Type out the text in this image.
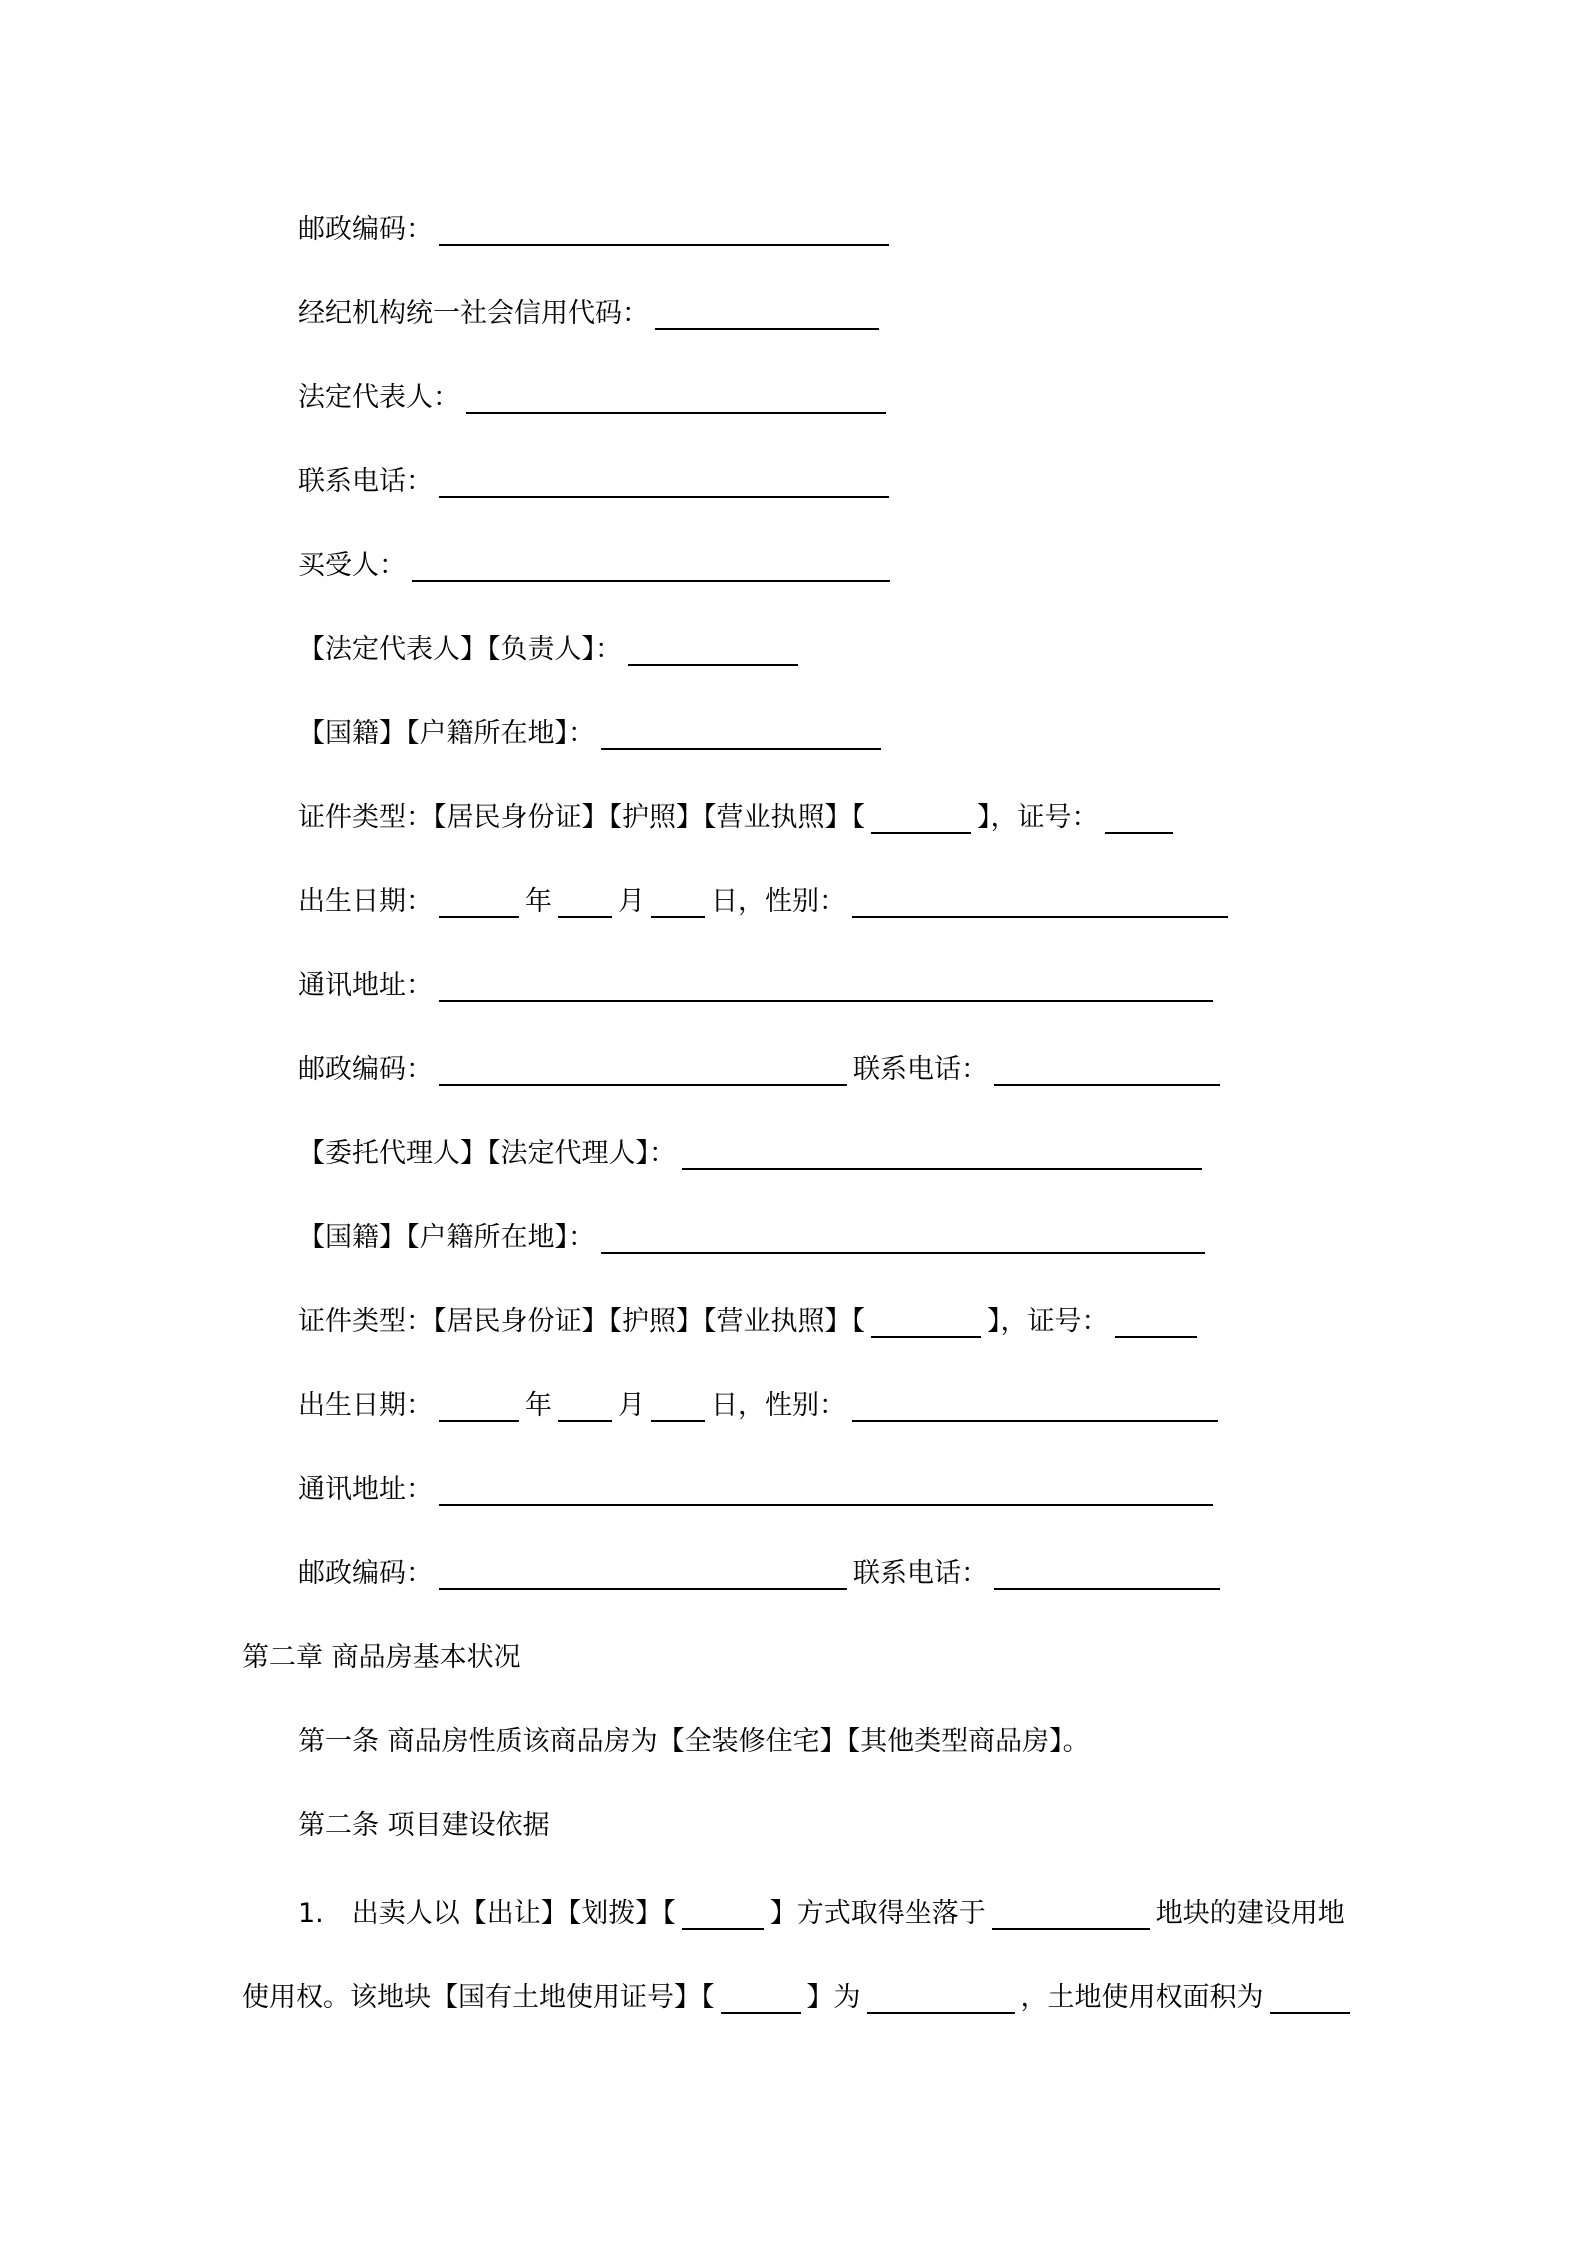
邮政编码：
经纪机构统一社会信用代码：
法定代表人：
联系电话：
买受人：
【法定代表人】【负责人】：
【国籍】【户籍所在地】：
证件类型：【居民身份证】【护照】【营业执照】【	】，证号：
出生日期：	年 月 日，性别：
通讯地址：
邮政编码：	联系电话：
【委托代理人】【法定代理人】：
【国籍】【户籍所在地】：
证件类型：【居民身份证】【护照】【营业执照】【	】，证号：
出生日期：	年 月 日，性别：
通讯地址：
邮政编码：	联系电话：
第二章 商品房基本状况
第一条 商品房性质该商品房为【全装修住宅】【其他类型商品房】。
第二条 项目建设依据
1. 出卖人以【出让】【划拨】【	】方式取得坐落于	地块的建设用地
使用权。该地块【国有土地使用证号】【	】为	，土地使用权面积为
